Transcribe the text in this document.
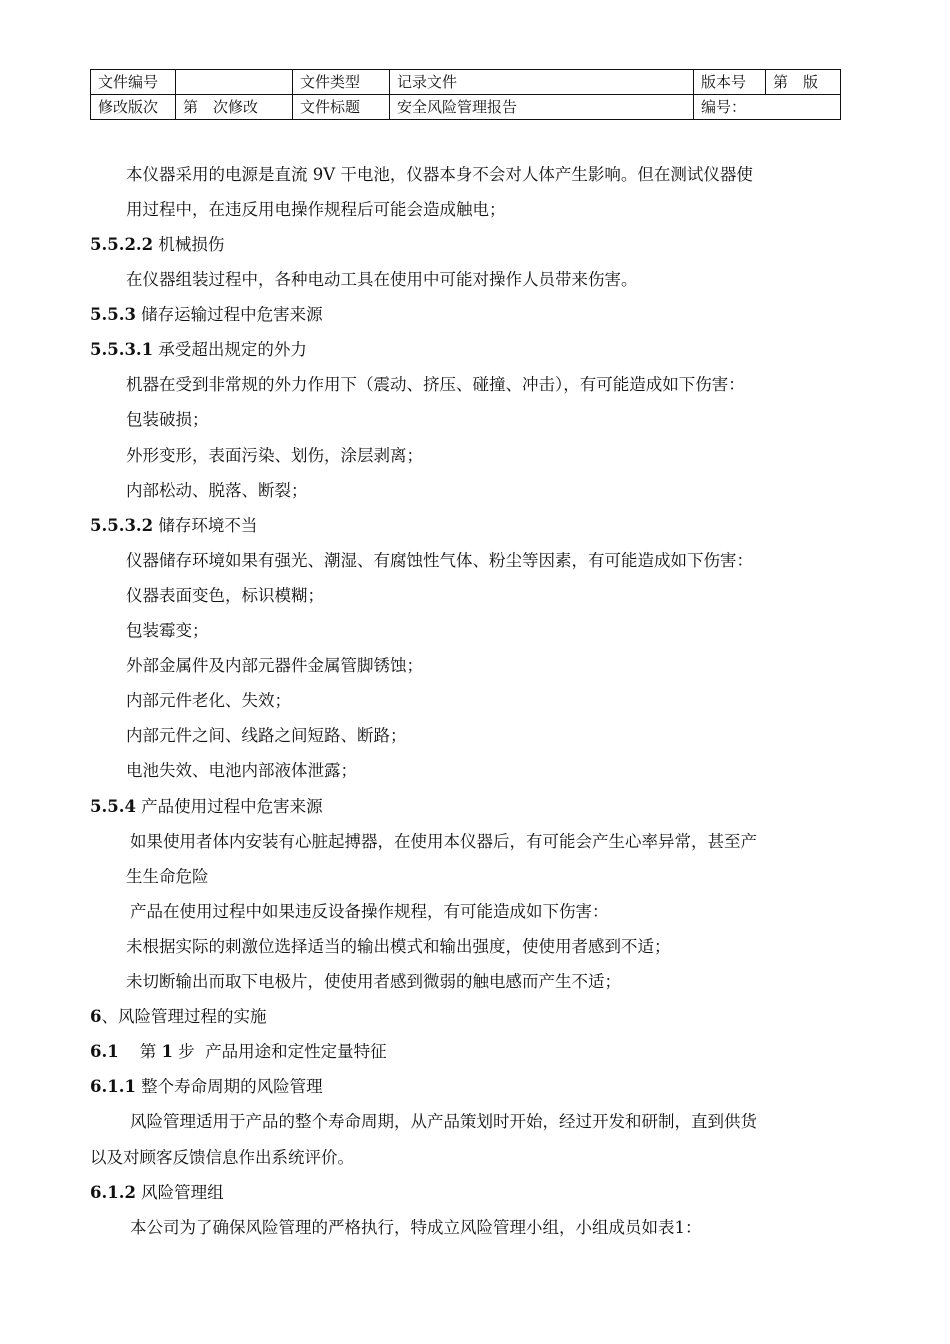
文件编号		文件类型	记录文件	版本号	第　版
修改版次	第　次修改	文件标题	安全风险管理报告	编号：	
本仪器采用的电源是直流 9V 干电池，仪器本身不会对人体产生影响。但在测试仪器使
用过程中，在违反用电操作规程后可能会造成触电；
5.5.2.2 机械损伤
在仪器组装过程中，各种电动工具在使用中可能对操作人员带来伤害。
5.5.3 储存运输过程中危害来源
5.5.3.1 承受超出规定的外力
机器在受到非常规的外力作用下（震动、挤压、碰撞、冲击），有可能造成如下伤害：
包装破损；
外形变形，表面污染、划伤，涂层剥离；
内部松动、脱落、断裂；
5.5.3.2 储存环境不当
仪器储存环境如果有强光、潮湿、有腐蚀性气体、粉尘等因素，有可能造成如下伤害：
仪器表面变色，标识模糊；
包装霉变；
外部金属件及内部元器件金属管脚锈蚀；
内部元件老化、失效；
内部元件之间、线路之间短路、断路；
电池失效、电池内部液体泄露；
5.5.4 产品使用过程中危害来源
如果使用者体内安装有心脏起搏器，在使用本仪器后，有可能会产生心率异常，甚至产
生生命危险
产品在使用过程中如果违反设备操作规程，有可能造成如下伤害：
未根据实际的刺激位选择适当的输出模式和输出强度，使使用者感到不适；
未切断输出而取下电极片，使使用者感到微弱的触电感而产生不适；
6、风险管理过程的实施
6.1    第 1 步  产品用途和定性定量特征
6.1.1 整个寿命周期的风险管理
风险管理适用于产品的整个寿命周期，从产品策划时开始，经过开发和研制，直到供货
以及对顾客反馈信息作出系统评价。
6.1.2 风险管理组
本公司为了确保风险管理的严格执行，特成立风险管理小组，小组成员如表1：
